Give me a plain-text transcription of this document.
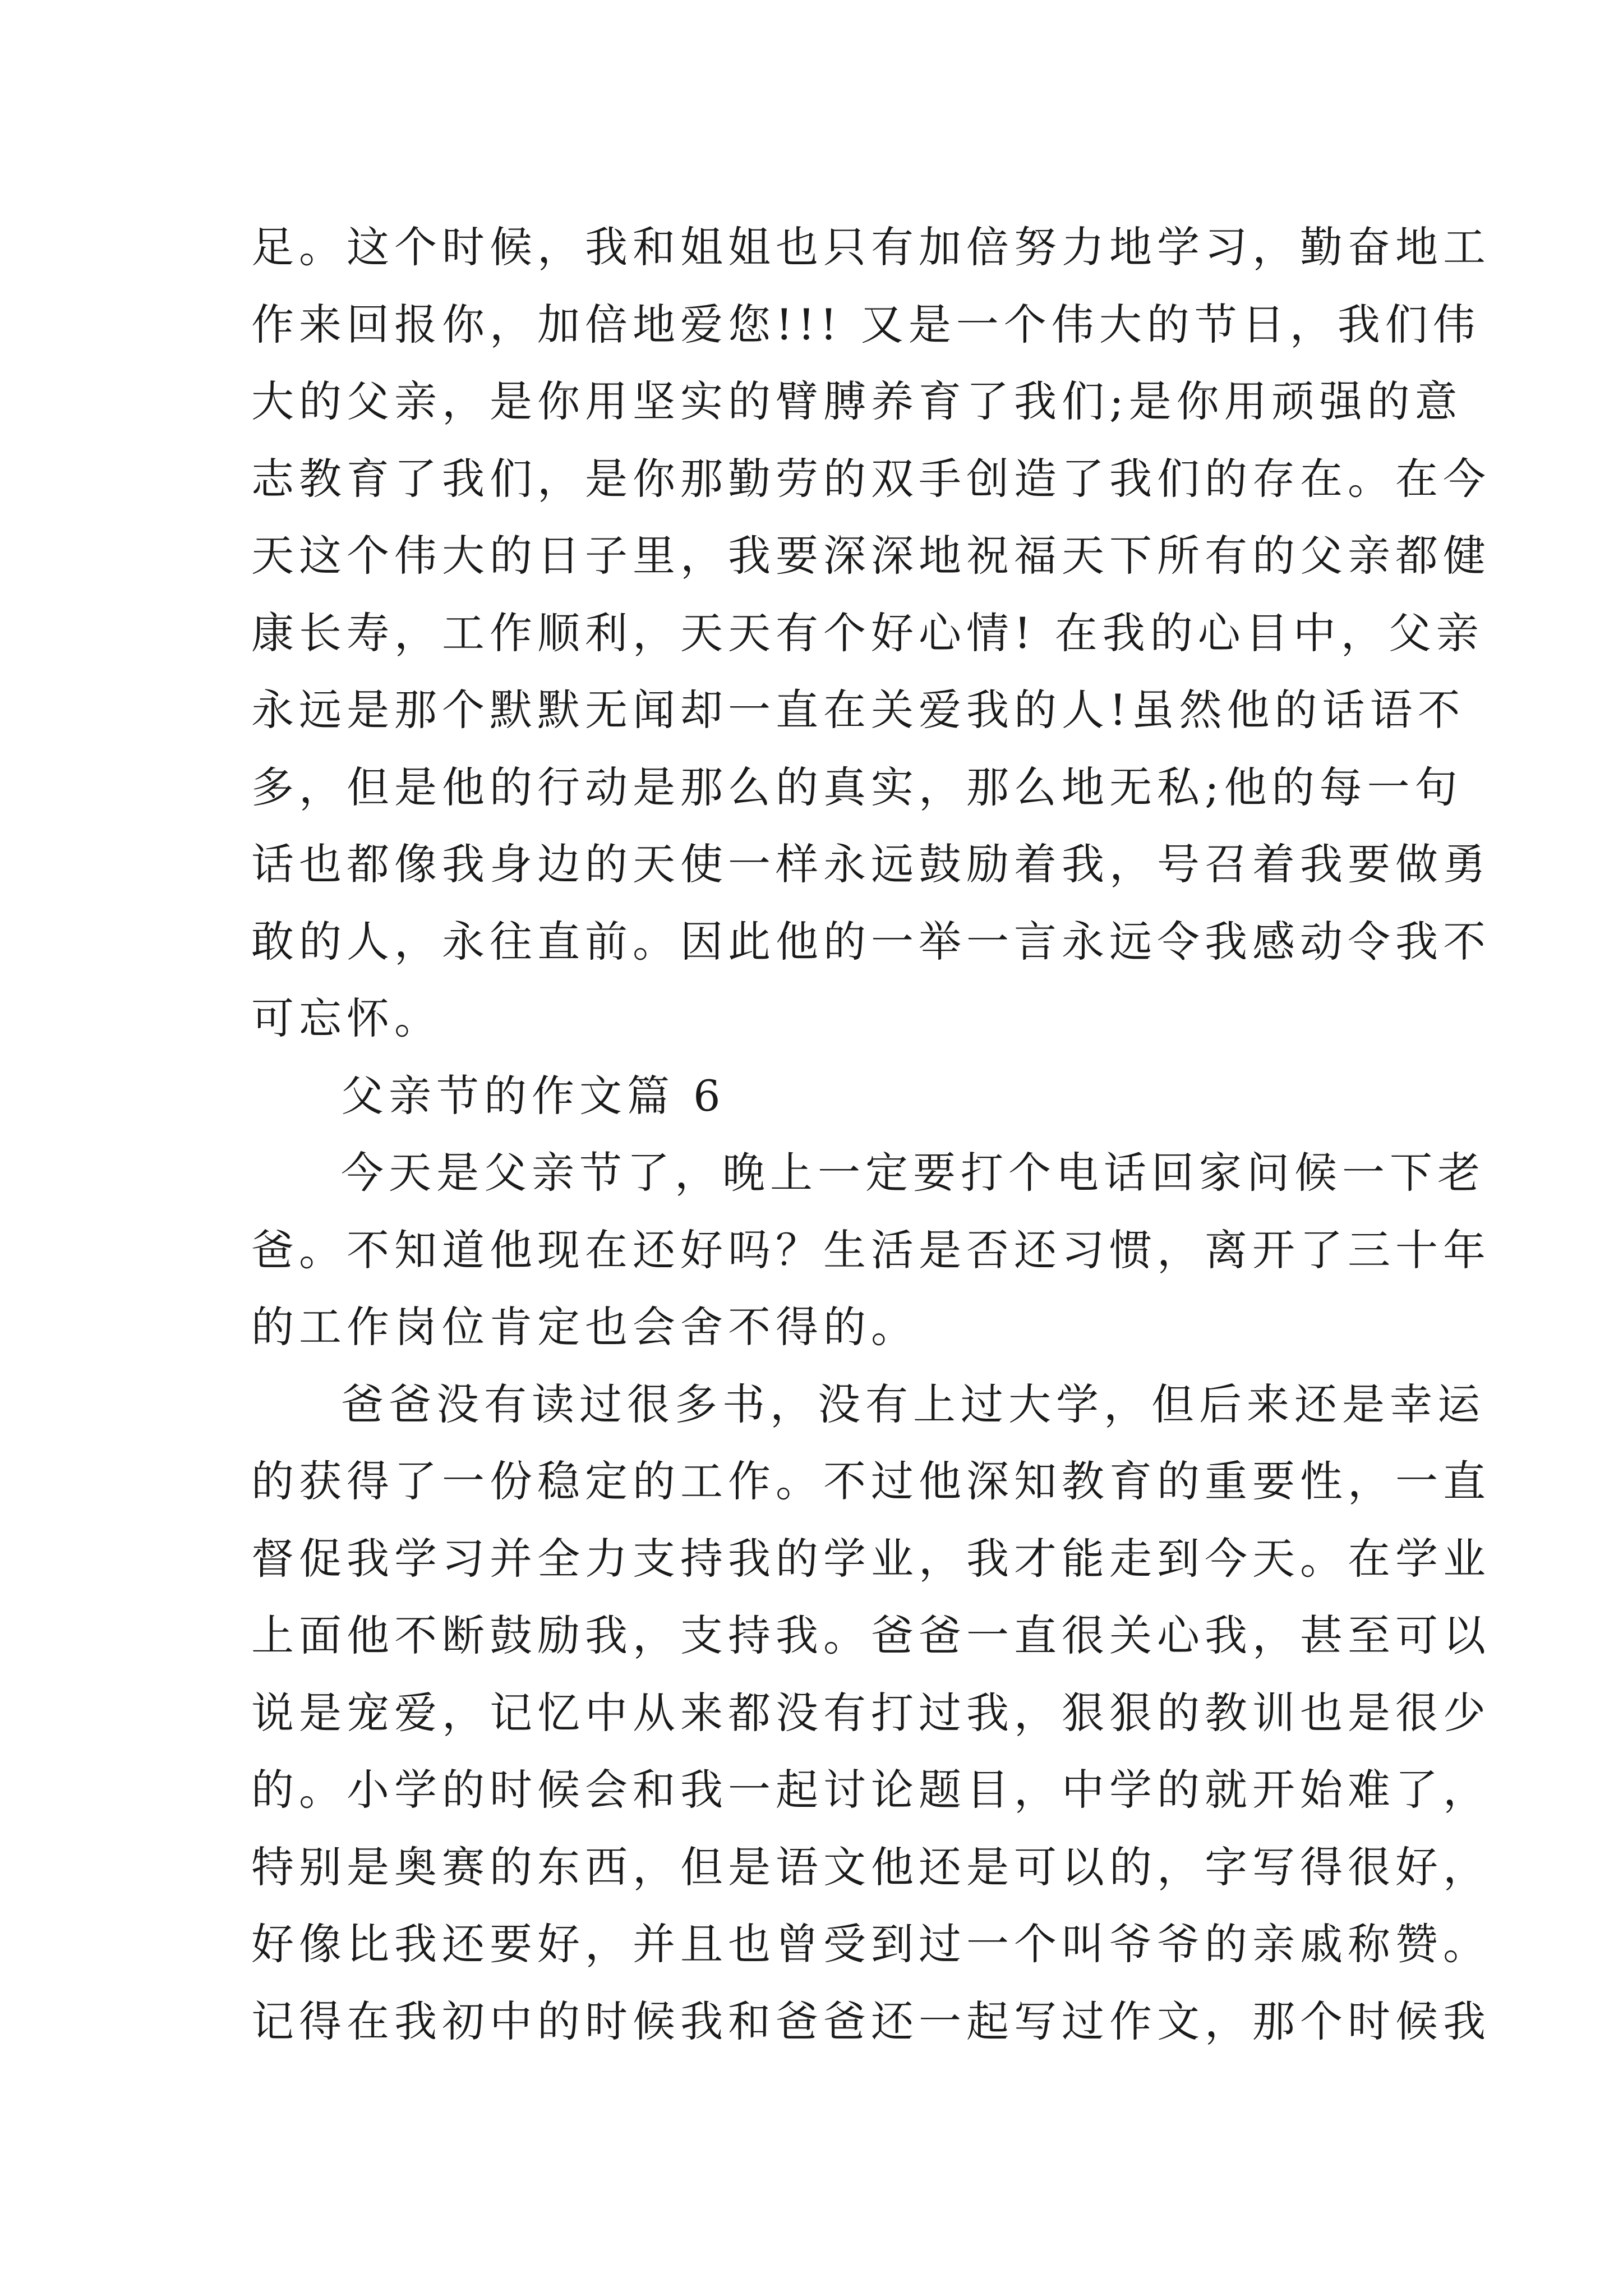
足。这个时候，我和姐姐也只有加倍努力地学习，勤奋地工
作来回报你，加倍地爱您!!! 又是一个伟大的节日，我们伟
大的父亲，是你用坚实的臂膊养育了我们;是你用顽强的意
志教育了我们，是你那勤劳的双手创造了我们的存在。在今
天这个伟大的日子里，我要深深地祝福天下所有的父亲都健
康长寿，工作顺利，天天有个好心情! 在我的心目中，父亲
永远是那个默默无闻却一直在关爱我的人!虽然他的话语不
多，但是他的行动是那么的真实，那么地无私;他的每一句
话也都像我身边的天使一样永远鼓励着我，号召着我要做勇
敢的人，永往直前。因此他的一举一言永远令我感动令我不
可忘怀。
父亲节的作文篇 6
今天是父亲节了，晚上一定要打个电话回家问候一下老
爸。不知道他现在还好吗？生活是否还习惯，离开了三十年
的工作岗位肯定也会舍不得的。
爸爸没有读过很多书，没有上过大学，但后来还是幸运
的获得了一份稳定的工作。不过他深知教育的重要性，一直
督促我学习并全力支持我的学业，我才能走到今天。在学业
上面他不断鼓励我，支持我。爸爸一直很关心我，甚至可以
说是宠爱，记忆中从来都没有打过我，狠狠的教训也是很少
的。小学的时候会和我一起讨论题目，中学的就开始难了，
特别是奥赛的东西，但是语文他还是可以的，字写得很好，
好像比我还要好，并且也曾受到过一个叫爷爷的亲戚称赞。
记得在我初中的时候我和爸爸还一起写过作文，那个时候我
